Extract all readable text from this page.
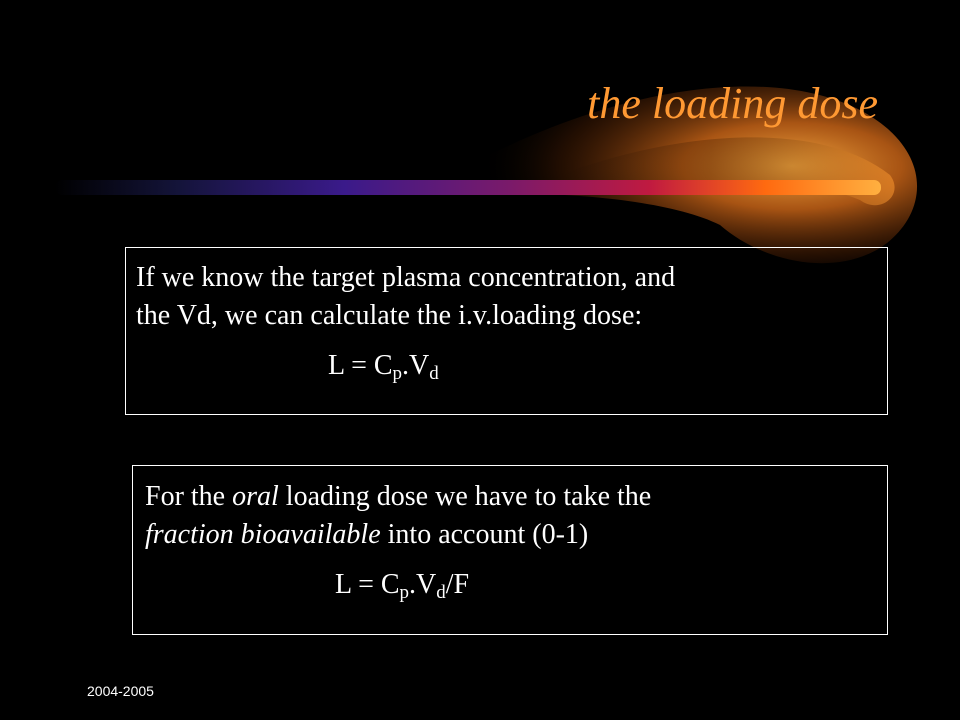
the loading dose
If we know the target plasma concentration, and
the Vd, we can calculate the i.v.loading dose:
$L = C_p.V_d$
For the oral loading dose we have to take the
fraction bioavailable into account (0-1)
$L = C_p.V_d/F$
2004-2005
